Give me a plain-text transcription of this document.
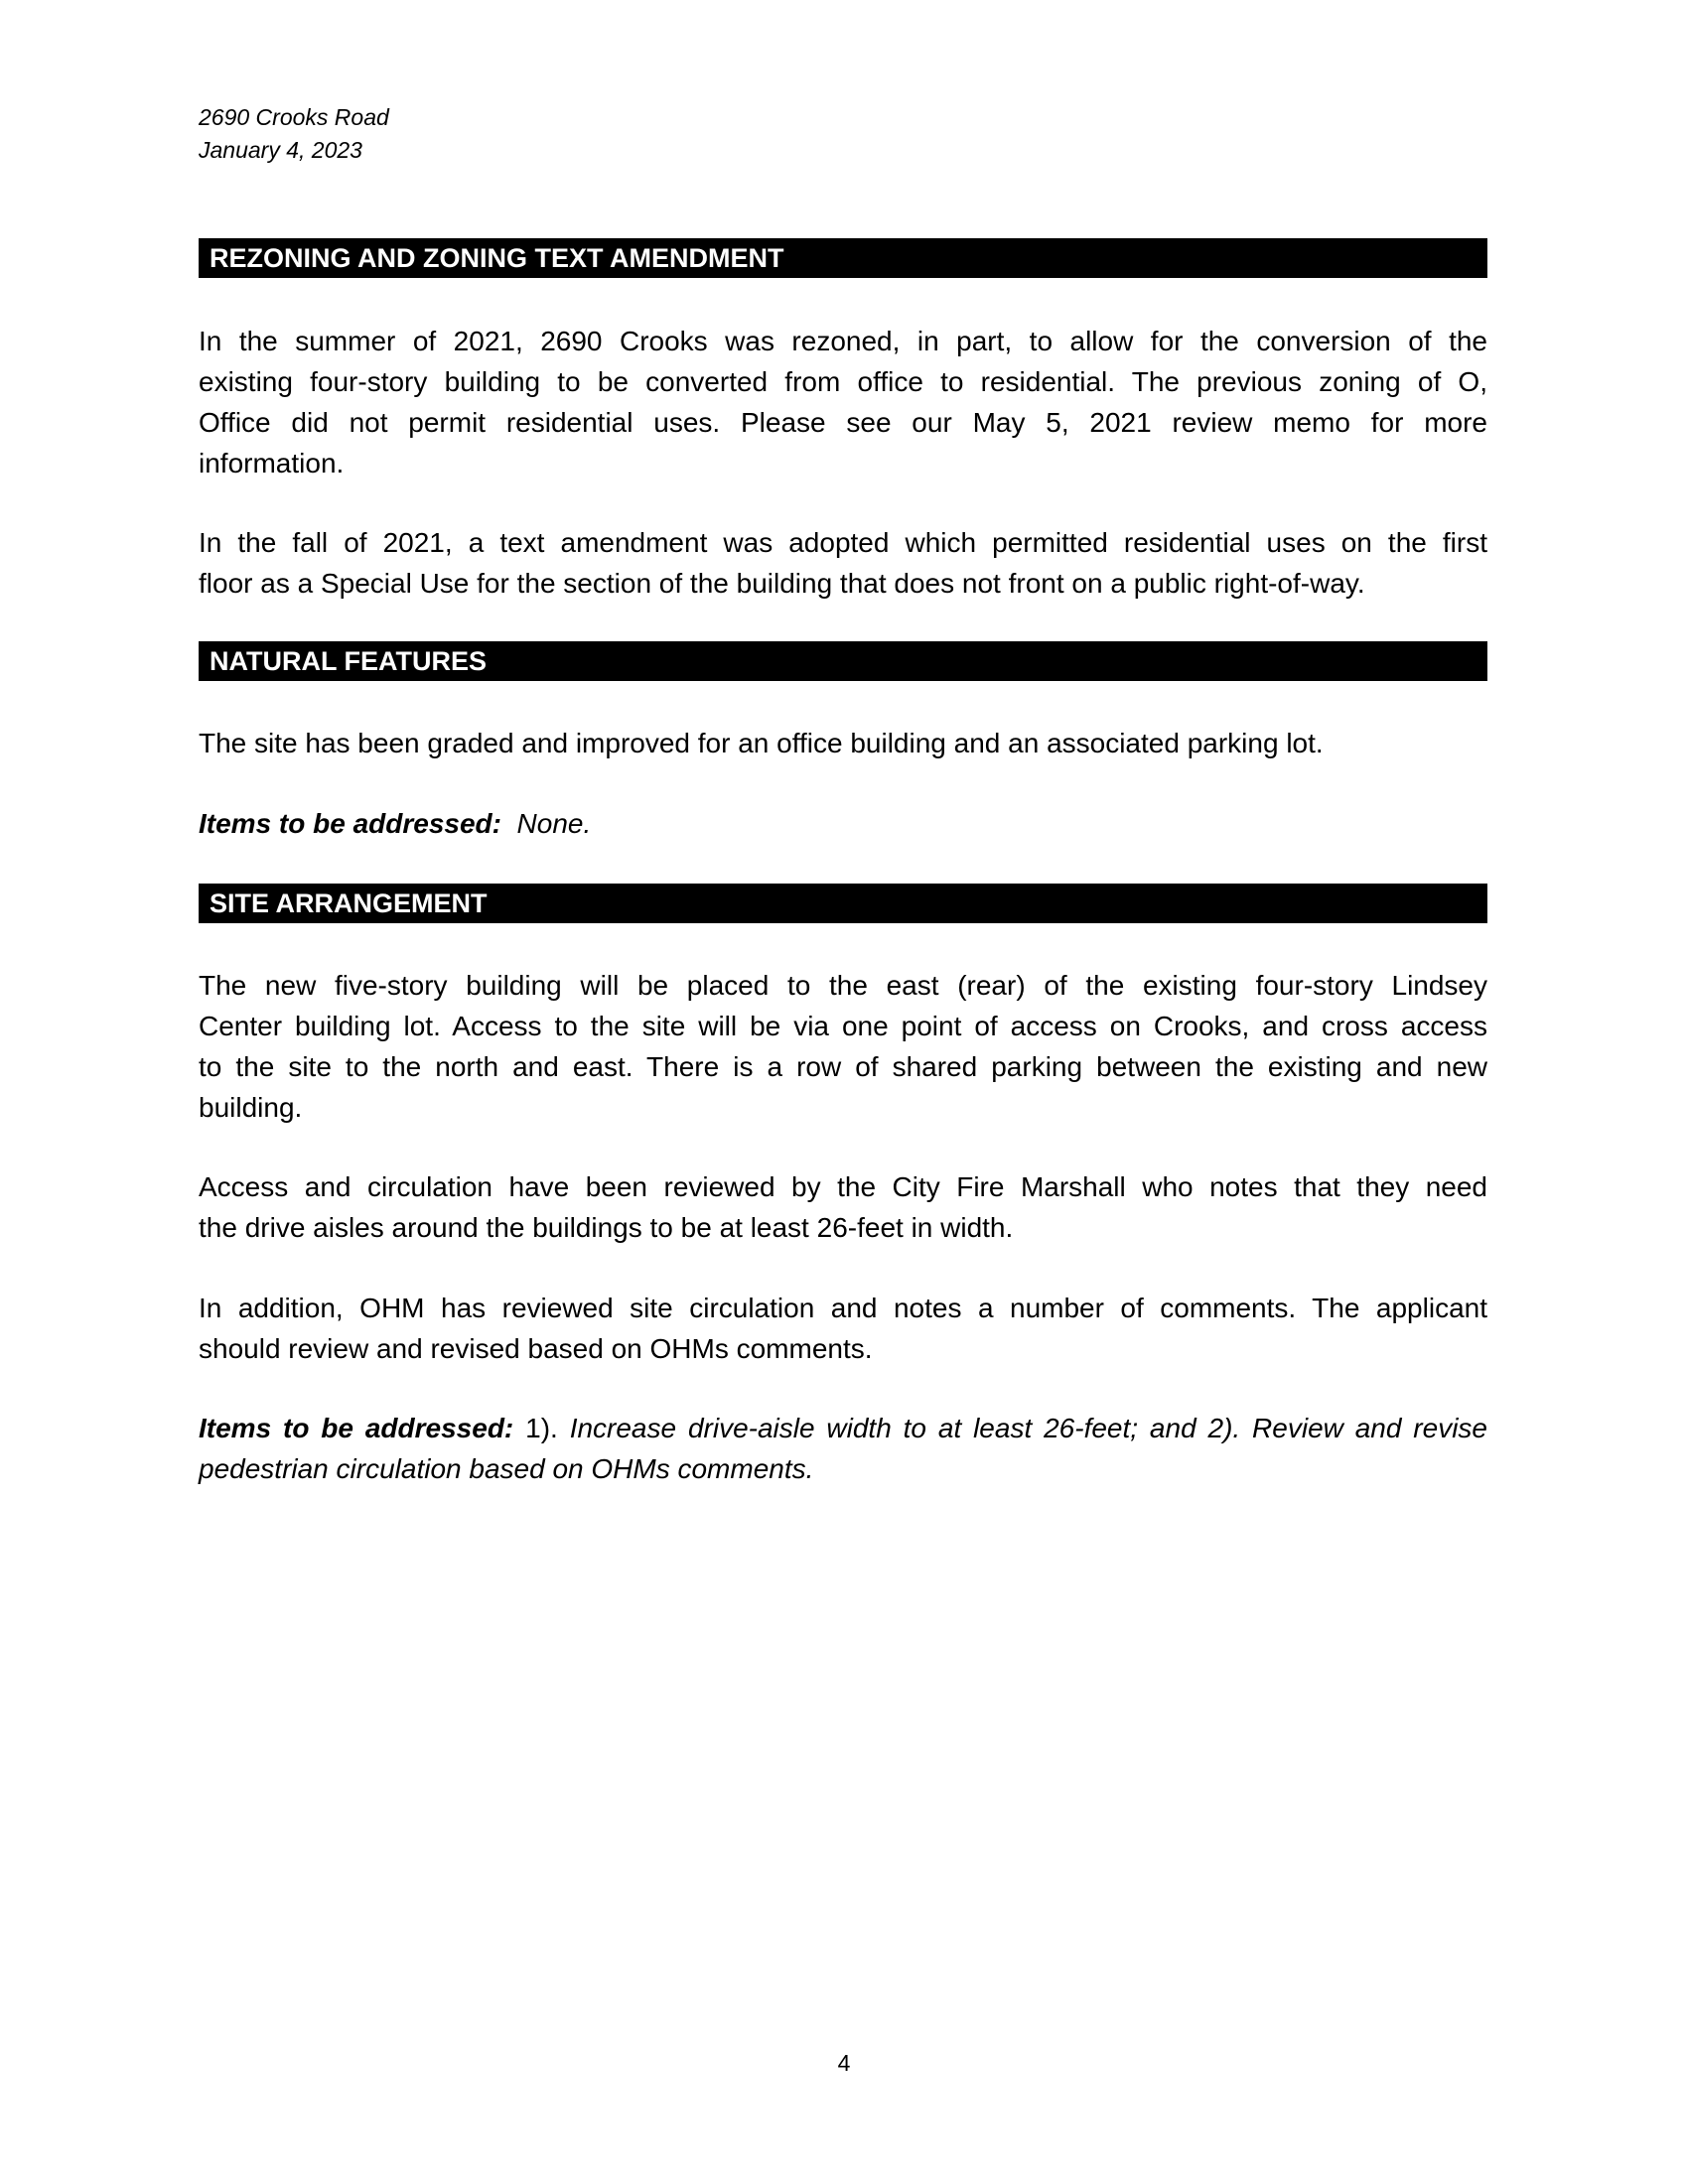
2690 Crooks Road
January 4, 2023
REZONING AND ZONING TEXT AMENDMENT
In the summer of 2021, 2690 Crooks was rezoned, in part, to allow for the conversion of the
existing four-story building to be converted from office to residential. The previous zoning of O,
Office did not permit residential uses. Please see our May 5, 2021 review memo for more
information.
In the fall of 2021, a text amendment was adopted which permitted residential uses on the first
floor as a Special Use for the section of the building that does not front on a public right-of-way.
NATURAL FEATURES
The site has been graded and improved for an office building and an associated parking lot.
Items to be addressed: None.
SITE ARRANGEMENT
The new five-story building will be placed to the east (rear) of the existing four-story Lindsey
Center building lot. Access to the site will be via one point of access on Crooks, and cross access
to the site to the north and east. There is a row of shared parking between the existing and new
building.
Access and circulation have been reviewed by the City Fire Marshall who notes that they need
the drive aisles around the buildings to be at least 26-feet in width.
In addition, OHM has reviewed site circulation and notes a number of comments. The applicant
should review and revised based on OHMs comments.
Items to be addressed: 1). Increase drive-aisle width to at least 26-feet; and 2). Review and revise
pedestrian circulation based on OHMs comments.
4
